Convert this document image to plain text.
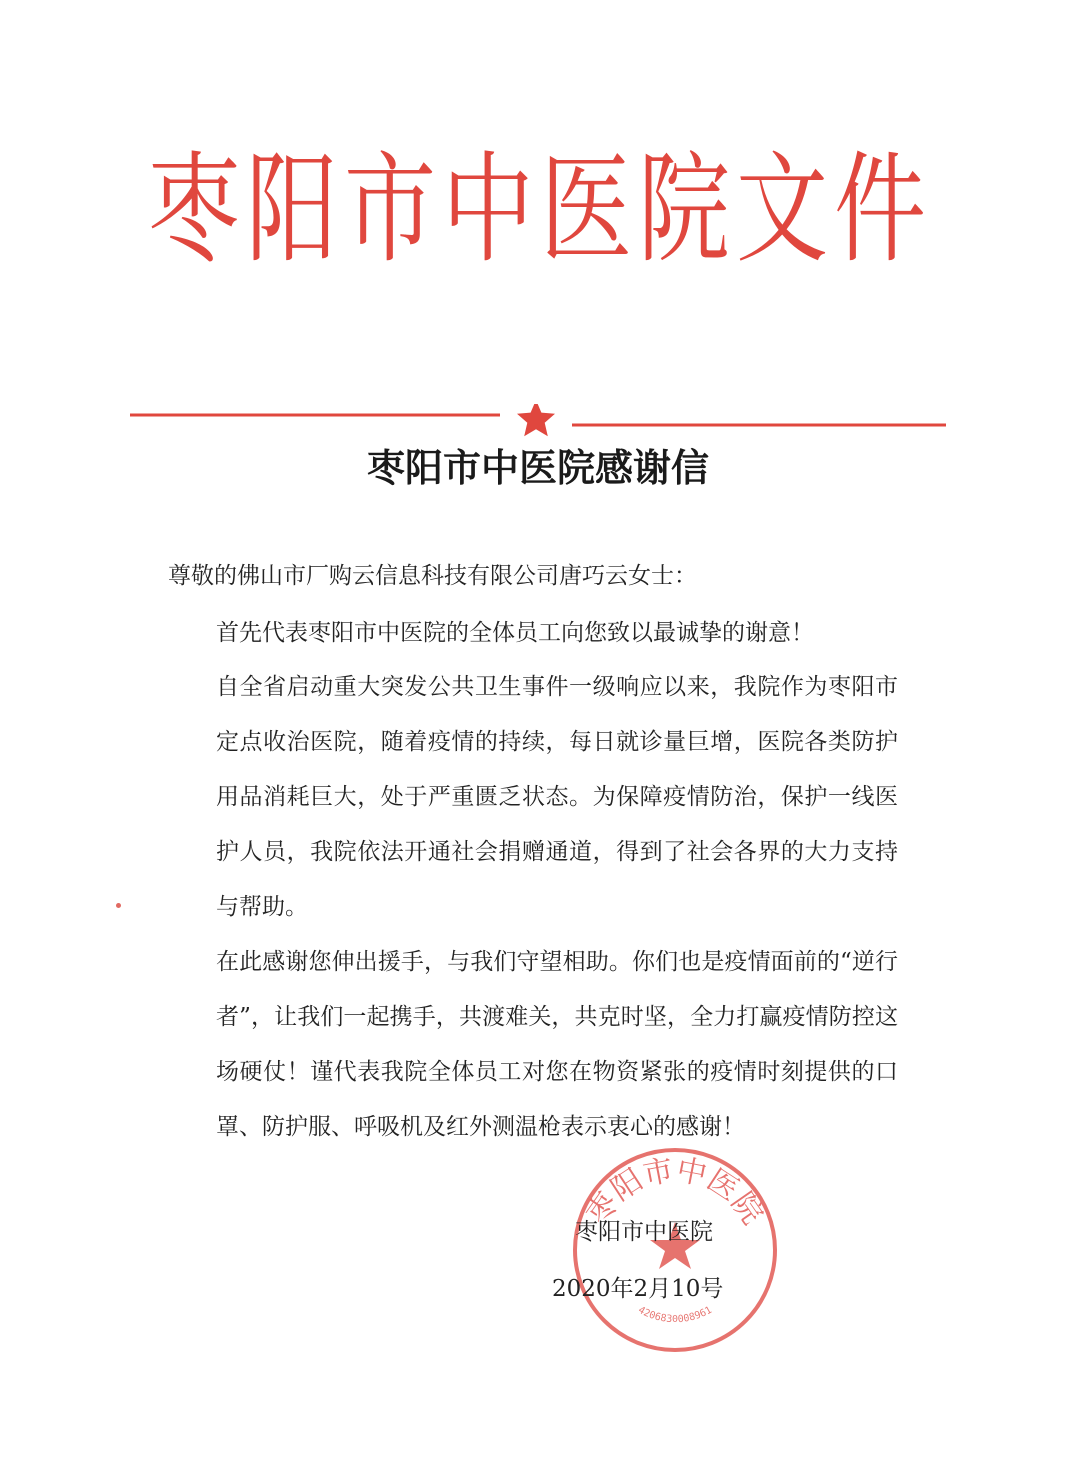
枣阳市中医院文件
枣阳市中医院感谢信
尊敬的佛山市厂购云信息科技有限公司唐巧云女士：
首先代表枣阳市中医院的全体员工向您致以最诚挚的谢意！
自全省启动重大突发公共卫生事件一级响应以来，我院作为枣阳市定点收治医院，随着疫情的持续，每日就诊量巨增，医院各类防护用品消耗巨大，处于严重匮乏状态。为保障疫情防治，保护一线医护人员，我院依法开通社会捐赠通道，得到了社会各界的大力支持与帮助。
在此感谢您伸出援手，与我们守望相助。你们也是疫情面前的“逆行者”，让我们一起携手，共渡难关，共克时坚，全力打赢疫情防控这场硬仗！谨代表我院全体员工对您在物资紧张的疫情时刻提供的口罩、防护服、呼吸机及红外测温枪表示衷心的感谢！
枣阳市中医院
4206830008961
枣阳市中医院
2020年2月10号
